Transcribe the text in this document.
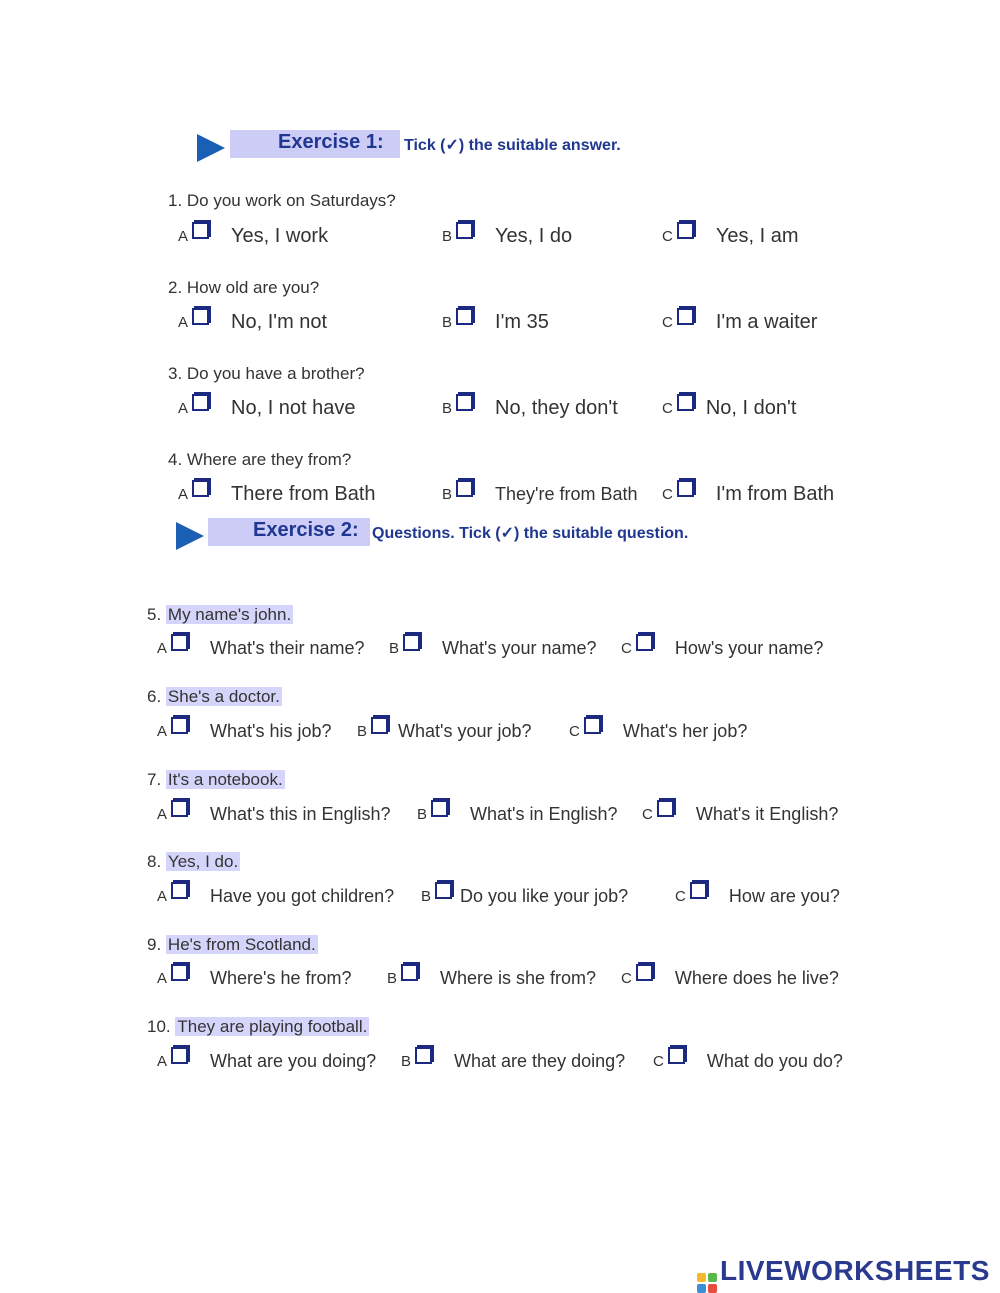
Exercise 1: Tick (✓) the suitable answer.
1. Do you work on Saturdays?
A Yes, I work	B Yes, I do	C Yes, I am
2. How old are you?
A No, I'm not	B I'm 35	C I'm a waiter
3. Do you have a brother?
A No, I not have	B No, they don't	C No, I don't
4. Where are they from?
A There from Bath	B They're from Bath C I'm from Bath
Exercise 2: Questions. Tick (✓) the suitable question.
5. My name's john.
A What's their name? B What's your name? C How's your name?
6. She's a doctor.
A What's his job? B What's your job? C What's her job?
7. It's a notebook.
A What's this in English? B What's in English? C What's it English?
8. Yes, I do.
A Have you got children? B Do you like your job?	C How are you?
9. He's from Scotland.
A Where's he from? B Where is she from? C Where does he live?
10. They are playing football.
A What are you doing? B What are they doing? C What do you do?
LIVEWORKSHEETS
